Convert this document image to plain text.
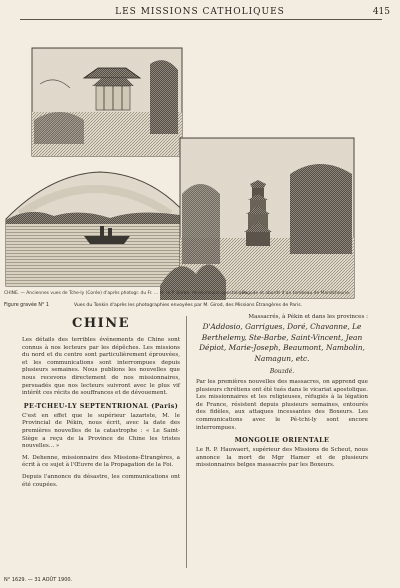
LES MISSIONS CATHOLIQUES	415
CHINE. — Anciennes vues de Tche-ly (Corée) d'après photogr. du Fr. … M. le P. Baron, missionnaire apostolique.
Pagode et abords d'un tombeau de Mandchourie.
Figure gravée N° 1	Vues du Tonkin d'après les photographies envoyées par M. Girod, des Missions Étrangères de Paris.
CHINE

Les détails des terribles événements de Chine sont connus à nos lecteurs par les dépêches. Les missions du nord et du centre sont particulièrement éprouvées, et les communications sont interrompues depuis plusieurs semaines. Nous publions les nouvelles que nous recevons directement de nos missionnaires, persuadés que nos lecteurs suivront avec le plus vif intérêt ces récits de souffrances et de dévouement.

PE-TCHEU-LY SEPTENTRIONAL (Paris)

C'est en effet que le supérieur lazariste, M. le Provincial de Pékin, nous écrit, avec la date des premières nouvelles de la catastrophe : « Le Saint-Siège a reçu de la Province de Chine les tristes nouvelles... »

M. Dehenne, missionnaire des Missions-Étrangères, a écrit à ce sujet à l'Œuvre de la Propagation de la Foi.

Depuis l'annonce du désastre, les communications ont été coupées.

Massacrés, à Pékin et dans les provinces :

D'Addosio, Garrigues, Doré, Chavanne, Le Berthelemy, Ste-Barbe, Saint-Vincent, Jean Dépiot, Marie-Joseph, Beaumont, Nambolin, Namagun, etc.
Bouzdé.

Par les premières nouvelles des massacres, on apprend que plusieurs chrétiens ont été tués dans le vicariat apostolique. Les missionnaires et les religieuses, réfugiés à la légation de France, résistent depuis plusieurs semaines, entourés des fidèles, aux attaques incessantes des Boxeurs. Les communications avec le Pé-tchi-ly sont encore interrompues.

MONGOLIE ORIENTALE

Le R. P. Hauwaert, supérieur des Missions de Scheut, nous annonce la mort de Mgr Hamer et de plusieurs missionnaires belges massacrés par les Boxeurs.

N° 1629. — 31 AOÛT 1900.
